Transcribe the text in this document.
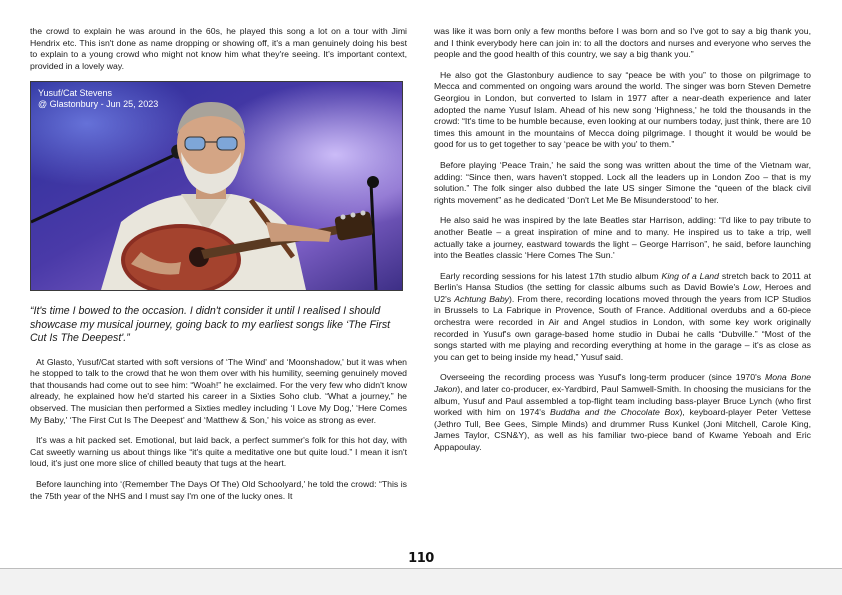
the crowd to explain he was around in the 60s, he played this song a lot on a tour with Jimi Hendrix etc. This isn't done as name dropping or showing off, it's a man genuinely doing his best to explain to a young crowd who might not know him what they're seeing. It's important context, provided in a lovely way.

Yusuf/Cat Stevens
@ Glastonbury - Jun 25, 2023

“It's time I bowed to the occasion. I didn't consider it until I realised I should showcase my musical journey, going back to my earliest songs like ‘The First Cut Is The Deepest'.”

At Glasto, Yusuf/Cat started with soft versions of ‘The Wind' and ‘Moonshadow,' but it was when he stopped to talk to the crowd that he won them over with his humility, seeming genuinely moved that thousands had come out to see him: “Woah!” he exclaimed. For the very few who didn't know already, he explained how he'd started his career in a Sixties Soho club. “What a journey,” he observed. The musician then performed a Sixties medley including ‘I Love My Dog,' ‘Here Comes My Baby,' ‘The First Cut Is The Deepest' and ‘Matthew & Son,' his voice as strong as ever.

It's was a hit packed set. Emotional, but laid back, a perfect summer's folk for this hot day, with Cat sweetly warning us about things like “it's quite a meditative one but quite loud.” I mean it isn't loud, it's just one more slice of chilled beauty that tugs at the heart.

Before launching into ‘(Remember The Days Of The) Old Schoolyard,' he told the crowd: “This is the 75th year of the NHS and I must say I'm one of the lucky ones. It

was like it was born only a few months before I was born and so I've got to say a big thank you, and I think everybody here can join in: to all the doctors and nurses and everyone who serves the people and the good health of this country, we say a big thank you.”

He also got the Glastonbury audience to say “peace be with you” to those on pilgrimage to Mecca and commented on ongoing wars around the world. The singer was born Steven Demetre Georgiou in London, but converted to Islam in 1977 after a near-death experience and later adopted the name Yusuf Islam. Ahead of his new song ‘Highness,' he told the thousands in the crowd: “It's time to be humble because, even looking at our numbers today, just think, there are 10 times this amount in the mountains of Mecca doing pilgrimage. I thought it would be would be good for us to get together to say ‘peace be with you' to them.”

Before playing ‘Peace Train,' he said the song was written about the time of the Vietnam war, adding: “Since then, wars haven't stopped. Lock all the leaders up in London Zoo – that is my solution.” The folk singer also dubbed the late US singer Simone the “queen of the black civil rights movement” as he dedicated ‘Don't Let Me Be Misunderstood' to her.

He also said he was inspired by the late Beatles star Harrison, adding: “I'd like to pay tribute to another Beatle – a great inspiration of mine and to many. He inspired us to take a trip, well actually take a journey, eastward towards the light – George Harrison”, he said, before launching into the Beatles classic ‘Here Comes The Sun.'

Early recording sessions for his latest 17th studio album King of a Land stretch back to 2011 at Berlin's Hansa Studios (the setting for classic albums such as David Bowie's Low, Heroes and U2's Achtung Baby). From there, recording locations moved through the years from ICP Studios in Brussels to La Fabrique in Provence, South of France. Additional overdubs and a 60-piece orchestra were recorded in Air and Angel studios in London, with some key work originally recorded in Yusuf's own garage-based home studio in Dubai he calls “Dubville.” “Most of the songs started with me playing and recording everything at home in the garage – it's as close as you can get to being inside my head,” Yusuf said.

Overseeing the recording process was Yusuf's long-term producer (since 1970's Mona Bone Jakon), and later co-producer, ex-Yardbird, Paul Samwell-Smith. In choosing the musicians for the album, Yusuf and Paul assembled a top-flight team including bass-player Bruce Lynch (who first worked with him on 1974's Buddha and the Chocolate Box), keyboard-player Peter Vettese (Jethro Tull, Bee Gees, Simple Minds) and drummer Russ Kunkel (Joni Mitchell, Carole King, James Taylor, CSN&Y), as well as his familiar two-piece band of Kwame Yeboah and Eric Appapoulay.

110
